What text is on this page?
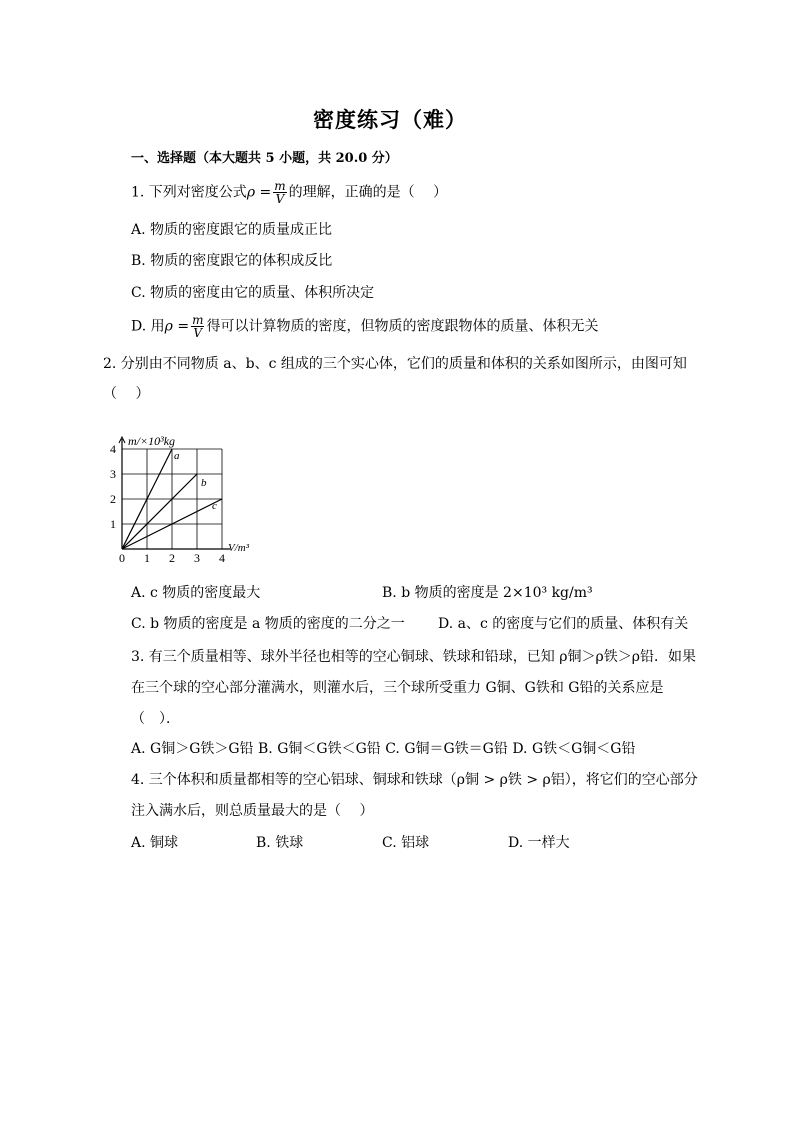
密度练习（难）
一、选择题（本大题共 5 小题，共 20.0 分）
1. 下列对密度公式$\rho = \frac{m}{V}$ 的理解，正确的是（　 ）
A. 物质的密度跟它的质量成正比
B. 物质的密度跟它的体积成反比
C. 物质的密度由它的质量、体积所决定
D. 用$\rho = \frac{m}{V}$ 得可以计算物质的密度，但物质的密度跟物体的质量、体积无关
2. 分别由不同物质 a、b、c 组成的三个实心体，它们的质量和体积的关系如图所示，由图可知
（　 ）
0 1 2 3 4
1
2
3
4
m/×10³kg
V/m³
a
b
c
A. c 物质的密度最大	B. b 物质的密度是 2×10³ kg/m³
C. b 物质的密度是 a 物质的密度的二分之一 D. a、c 的密度与它们的质量、体积有关
3. 有三个质量相等、球外半径也相等的空心铜球、铁球和铅球，已知 ρ铜＞ρ铁＞ρ铅．如果
在三个球的空心部分灌满水，则灌水后，三个球所受重力 G铜、G铁和 G铅的关系应是
（　）．
A. G铜＞G铁＞G铅 B. G铜＜G铁＜G铅 C. G铜＝G铁＝G铅 D. G铁＜G铜＜G铅
4. 三个体积和质量都相等的空心铝球、铜球和铁球（ρ铜 > ρ铁 > ρ铝），将它们的空心部分
注入满水后，则总质量最大的是（　 ）
A. 铜球	B. 铁球	C. 铝球	D. 一样大
